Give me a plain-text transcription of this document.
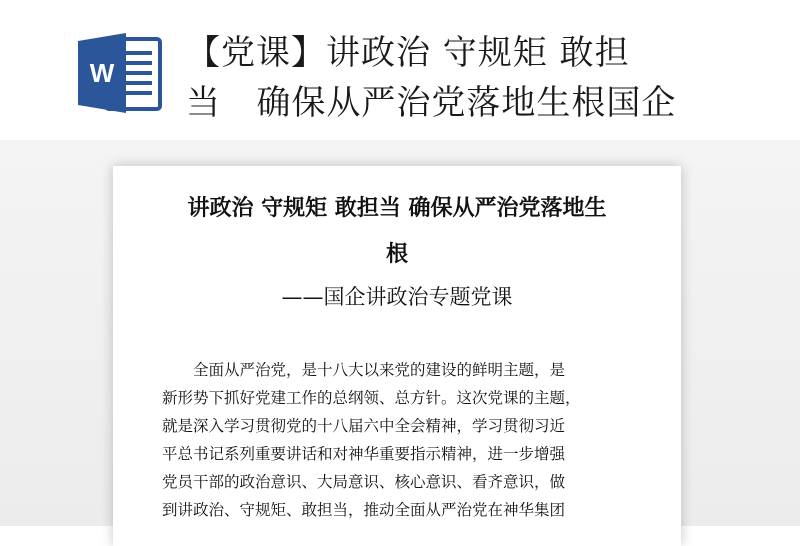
W 【党课】讲政治 守规矩 敢担
当   确保从严治党落地生根国企
讲政治 守规矩 敢担当 确保从严治党落地生
根
——国企讲政治专题党课
　　全面从严治党，是十八大以来党的建设的鲜明主题，是
新形势下抓好党建工作的总纲领、总方针。这次党课的主题，
就是深入学习贯彻党的十八届六中全会精神，学习贯彻习近
平总书记系列重要讲话和对神华重要指示精神，进一步增强
党员干部的政治意识、大局意识、核心意识、看齐意识，做
到讲政治、守规矩、敢担当，推动全面从严治党在神华集团
